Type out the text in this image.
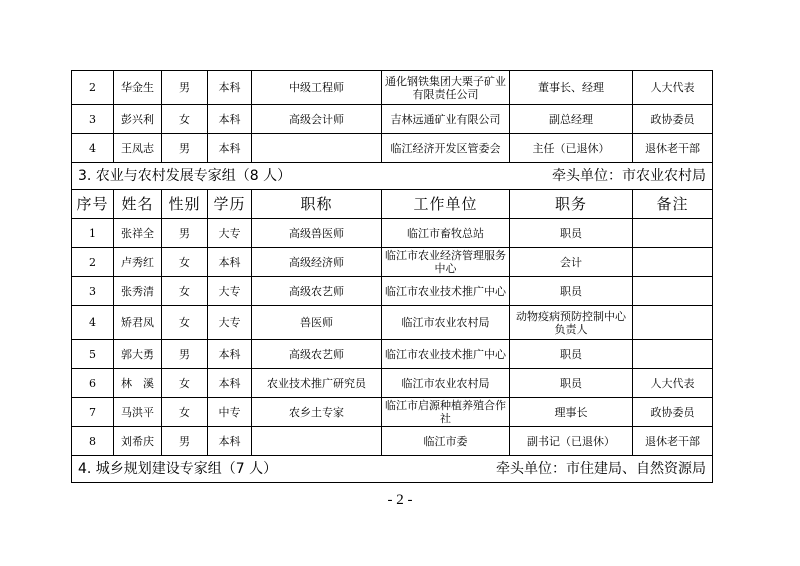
2	华金生	男	本科	中级工程师	通化钢铁集团大栗子矿业有限责任公司	董事长、经理	人大代表
3	彭兴利	女	本科	高级会计师	吉林远通矿业有限公司	副总经理	政协委员
4	王凤志	男	本科		临江经济开发区管委会	主任（已退休）	退休老干部

3. 农业与农村发展专家组（8 人） 牵头单位：市农业农村局							

序号	姓名	性别	学历	职称	工作单位	职务	备注
1	张祥全	男	大专	高级兽医师	临江市畜牧总站	职员	
2	卢秀红	女	本科	高级经济师	临江市农业经济管理服务中心	会计	
3	张秀清	女	大专	高级农艺师	临江市农业技术推广中心	职员	
4	矫君凤	女	大专	兽医师	临江市农业农村局	动物疫病预防控制中心负责人	
5	郭大勇	男	本科	高级农艺师	临江市农业技术推广中心	职员	
6	林　溪	女	本科	农业技术推广研究员	临江市农业农村局	职员	人大代表
7	马洪平	女	中专	农乡土专家	临江市启源种植养殖合作社	理事长	政协委员
8	刘希庆	男	本科		临江市委	副书记（已退休）	退休老干部

4. 城乡规划建设专家组（7 人） 牵头单位：市住建局、自然资源局							
- 2 -
